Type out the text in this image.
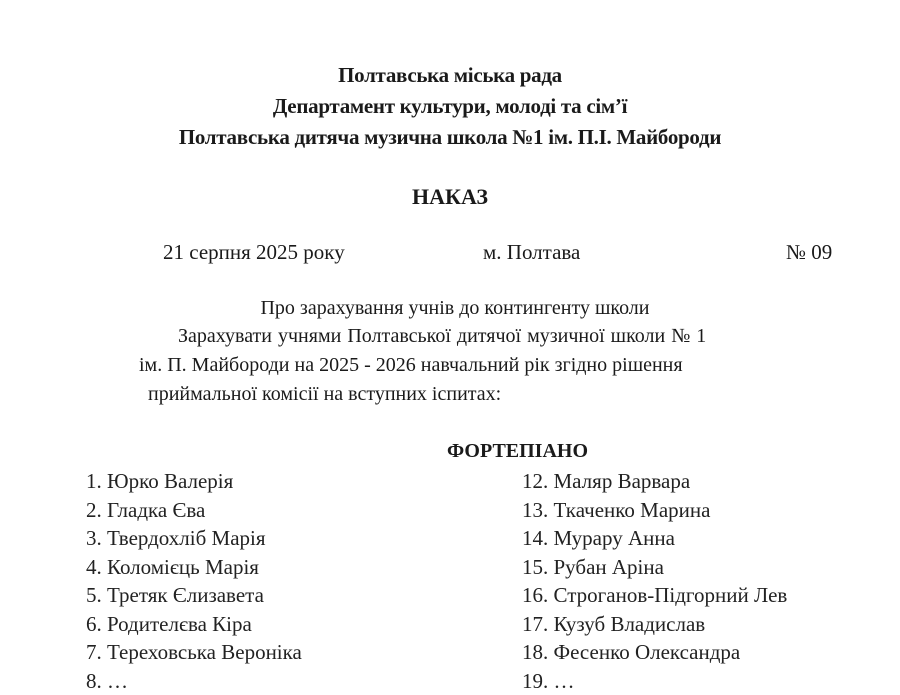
Полтавська міська рада
Департамент культури, молоді та сім’ї
Полтавська дитяча музична школа №1 ім. П.І. Майбороди
НАКАЗ
21 серпня 2025 року	м. Полтава	№ 09
Про зарахування учнів до контингенту школи
Зарахувати учнями Полтавської дитячої музичної школи № 1
ім. П. Майбороди на 2025 - 2026 навчальний рік згідно рішення
приймальної комісії на вступних іспитах:
ФОРТЕПІАНО
1. Юрко Валерія
2. Гладка Єва
3. Твердохліб Марія
4. Коломієць Марія
5. Третяк Єлизавета
6. Родителєва Кіра
7. Тереховська Вероніка
8. …
12. Маляр Варвара
13. Ткаченко Марина
14. Мурару Анна
15. Рубан Аріна
16. Строганов-Підгорний Лев
17. Кузуб Владислав
18. Фесенко Олександра
19. …
